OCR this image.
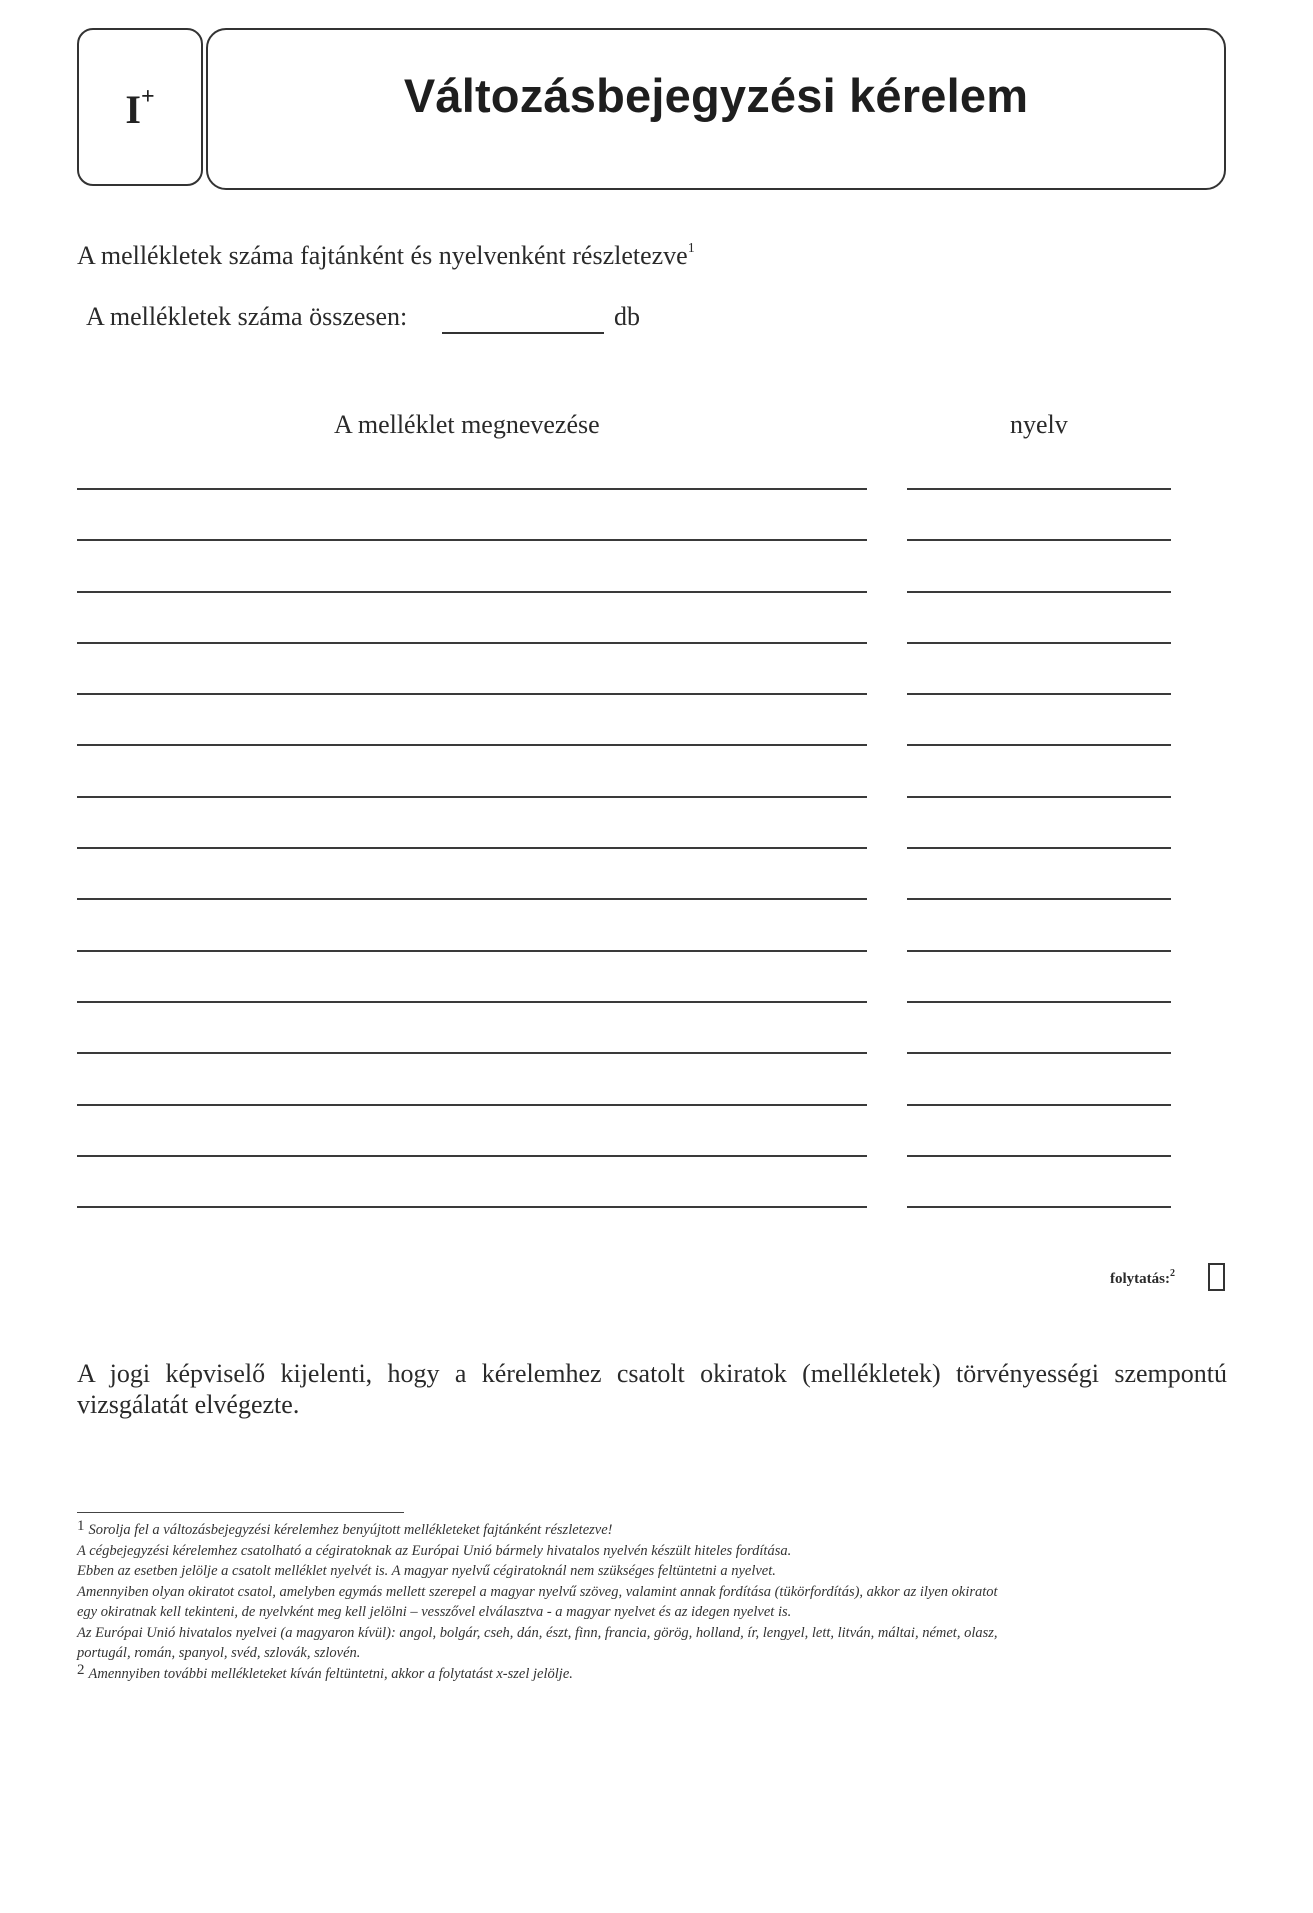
I+	Változásbejegyzési kérelem
A mellékletek száma fajtánként és nyelvenként részletezve$^1$
A mellékletek száma összesen:	db
A melléklet megnevezése	nyelv
folytatás:$^2$
A jogi képviselő kijelenti, hogy a kérelemhez csatolt okiratok (mellékletek) törvényességi szempontú vizsgálatát elvégezte.
1 Sorolja fel a változásbejegyzési kérelemhez benyújtott mellékleteket fajtánként részletezve!
A cégbejegyzési kérelemhez csatolható a cégiratoknak az Európai Unió bármely hivatalos nyelvén készült hiteles fordítása.
Ebben az esetben jelölje a csatolt melléklet nyelvét is. A magyar nyelvű cégiratoknál nem szükséges feltüntetni a nyelvet.
Amennyiben olyan okiratot csatol, amelyben egymás mellett szerepel a magyar nyelvű szöveg, valamint annak fordítása (tükörfordítás), akkor az ilyen okiratot
egy okiratnak kell tekinteni, de nyelvként meg kell jelölni – vesszővel elválasztva - a magyar nyelvet és az idegen nyelvet is.
Az Európai Unió hivatalos nyelvei (a magyaron kívül): angol, bolgár, cseh, dán, észt, finn, francia, görög, holland, ír, lengyel, lett, litván, máltai, német, olasz,
portugál, román, spanyol, svéd, szlovák, szlovén.
2 Amennyiben további mellékleteket kíván feltüntetni, akkor a folytatást x-szel jelölje.
